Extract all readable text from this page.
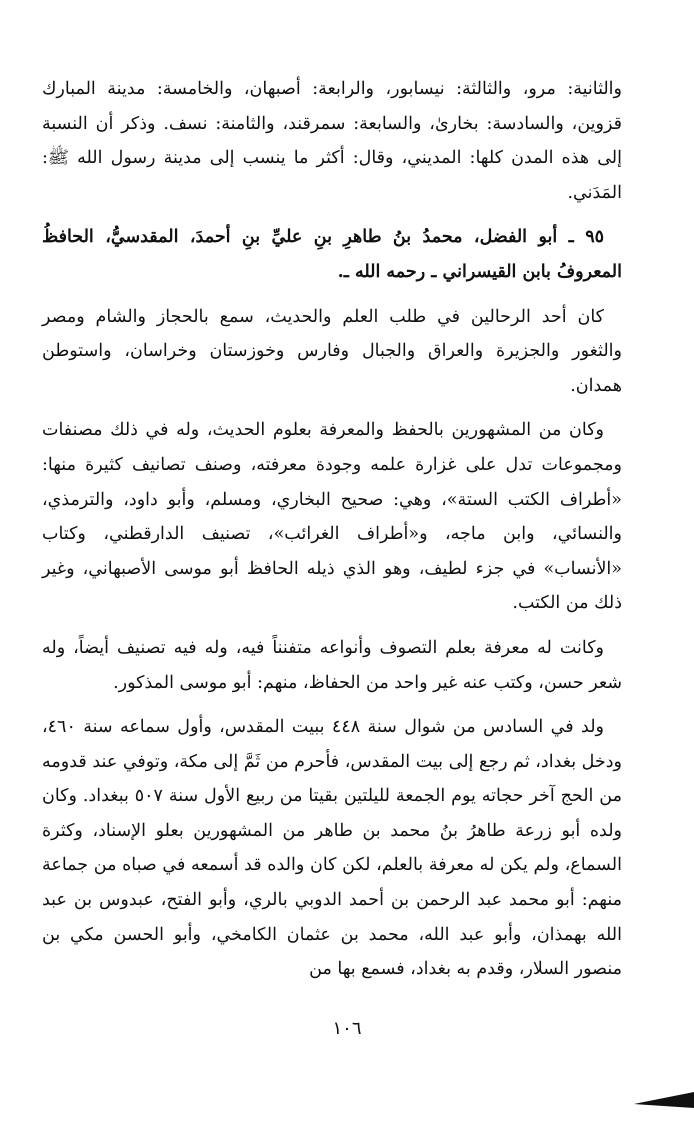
والثانية: مرو، والثالثة: نيسابور، والرابعة: أصبهان، والخامسة: مدينة المبارك قزوين، والسادسة: بخارىٰ، والسابعة: سمرقند، والثامنة: نسف. وذكر أن النسبة إلى هذه المدن كلها: المديني، وقال: أكثر ما ينسب إلى مدينة رسول الله ﷺ: المَدَني.

٩٥ ـ أبو الفضل، محمدُ بنُ طاهرِ بنِ عليِّ بنِ أحمدَ، المقدسيُّ، الحافظُ المعروفُ بابن القيسراني ـ رحمه الله ـ.

كان أحد الرحالين في طلب العلم والحديث، سمع بالحجاز والشام ومصر والثغور والجزيرة والعراق والجبال وفارس وخوزستان وخراسان، واستوطن همدان.

وكان من المشهورين بالحفظ والمعرفة بعلوم الحديث، وله في ذلك مصنفات ومجموعات تدل على غزارة علمه وجودة معرفته، وصنف تصانيف كثيرة منها: «أطراف الكتب الستة»، وهي: صحيح البخاري، ومسلم، وأبو داود، والترمذي، والنسائي، وابن ماجه، و«أطراف الغرائب»، تصنيف الدارقطني، وكتاب «الأنساب» في جزء لطيف، وهو الذي ذيله الحافظ أبو موسى الأصبهاني، وغير ذلك من الكتب.

وكانت له معرفة بعلم التصوف وأنواعه متفنناً فيه، وله فيه تصنيف أيضاً، وله شعر حسن، وكتب عنه غير واحد من الحفاظ، منهم: أبو موسى المذكور.

ولد في السادس من شوال سنة ٤٤٨ ببيت المقدس، وأول سماعه سنة ٤٦٠، ودخل بغداد، ثم رجع إلى بيت المقدس، فأحرم من ثَمَّ إلى مكة، وتوفي عند قدومه من الحج آخر حجاته يوم الجمعة لليلتين بقيتا من ربيع الأول سنة ٥٠٧ ببغداد. وكان ولده أبو زرعة طاهرُ بنُ محمد بن طاهر من المشهورين بعلو الإسناد، وكثرة السماع، ولم يكن له معرفة بالعلم، لكن كان والده قد أسمعه في صباه من جماعة منهم: أبو محمد عبد الرحمن بن أحمد الدوبي بالري، وأبو الفتح، عبدوس بن عبد الله بهمذان، وأبو عبد الله، محمد بن عثمان الكامخي، وأبو الحسن مكي بن منصور السلار، وقدم به بغداد، فسمع بها من

١٠٦
